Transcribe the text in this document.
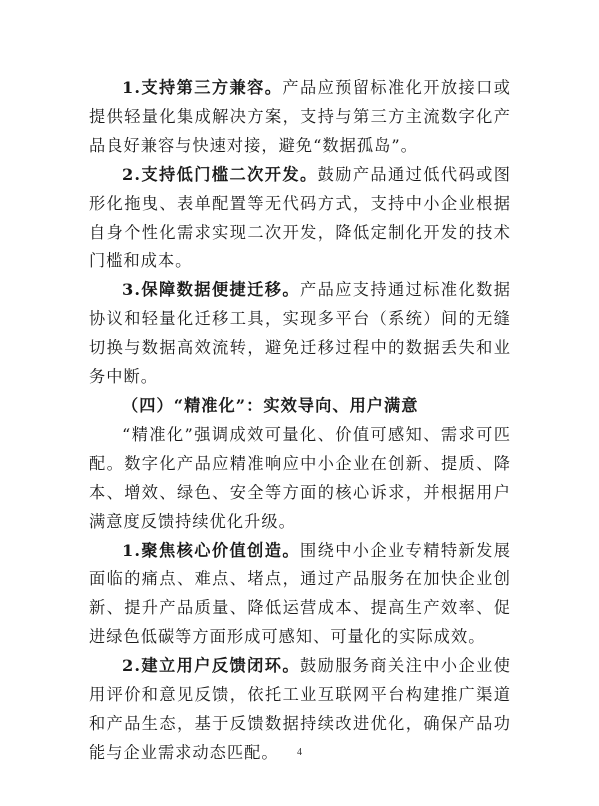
1.支持第三方兼容。产品应预留标准化开放接口或提供轻量化集成解决方案，支持与第三方主流数字化产品良好兼容与快速对接，避免“数据孤岛”。

2.支持低门槛二次开发。鼓励产品通过低代码或图形化拖曳、表单配置等无代码方式，支持中小企业根据自身个性化需求实现二次开发，降低定制化开发的技术门槛和成本。

3.保障数据便捷迁移。产品应支持通过标准化数据协议和轻量化迁移工具，实现多平台（系统）间的无缝切换与数据高效流转，避免迁移过程中的数据丢失和业务中断。

（四）“精准化”：实效导向、用户满意

“精准化”强调成效可量化、价值可感知、需求可匹配。数字化产品应精准响应中小企业在创新、提质、降本、增效、绿色、安全等方面的核心诉求，并根据用户满意度反馈持续优化升级。

1.聚焦核心价值创造。围绕中小企业专精特新发展面临的痛点、难点、堵点，通过产品服务在加快企业创新、提升产品质量、降低运营成本、提高生产效率、促进绿色低碳等方面形成可感知、可量化的实际成效。

2.建立用户反馈闭环。鼓励服务商关注中小企业使用评价和意见反馈，依托工业互联网平台构建推广渠道和产品生态，基于反馈数据持续改进优化，确保产品功能与企业需求动态匹配。	4
